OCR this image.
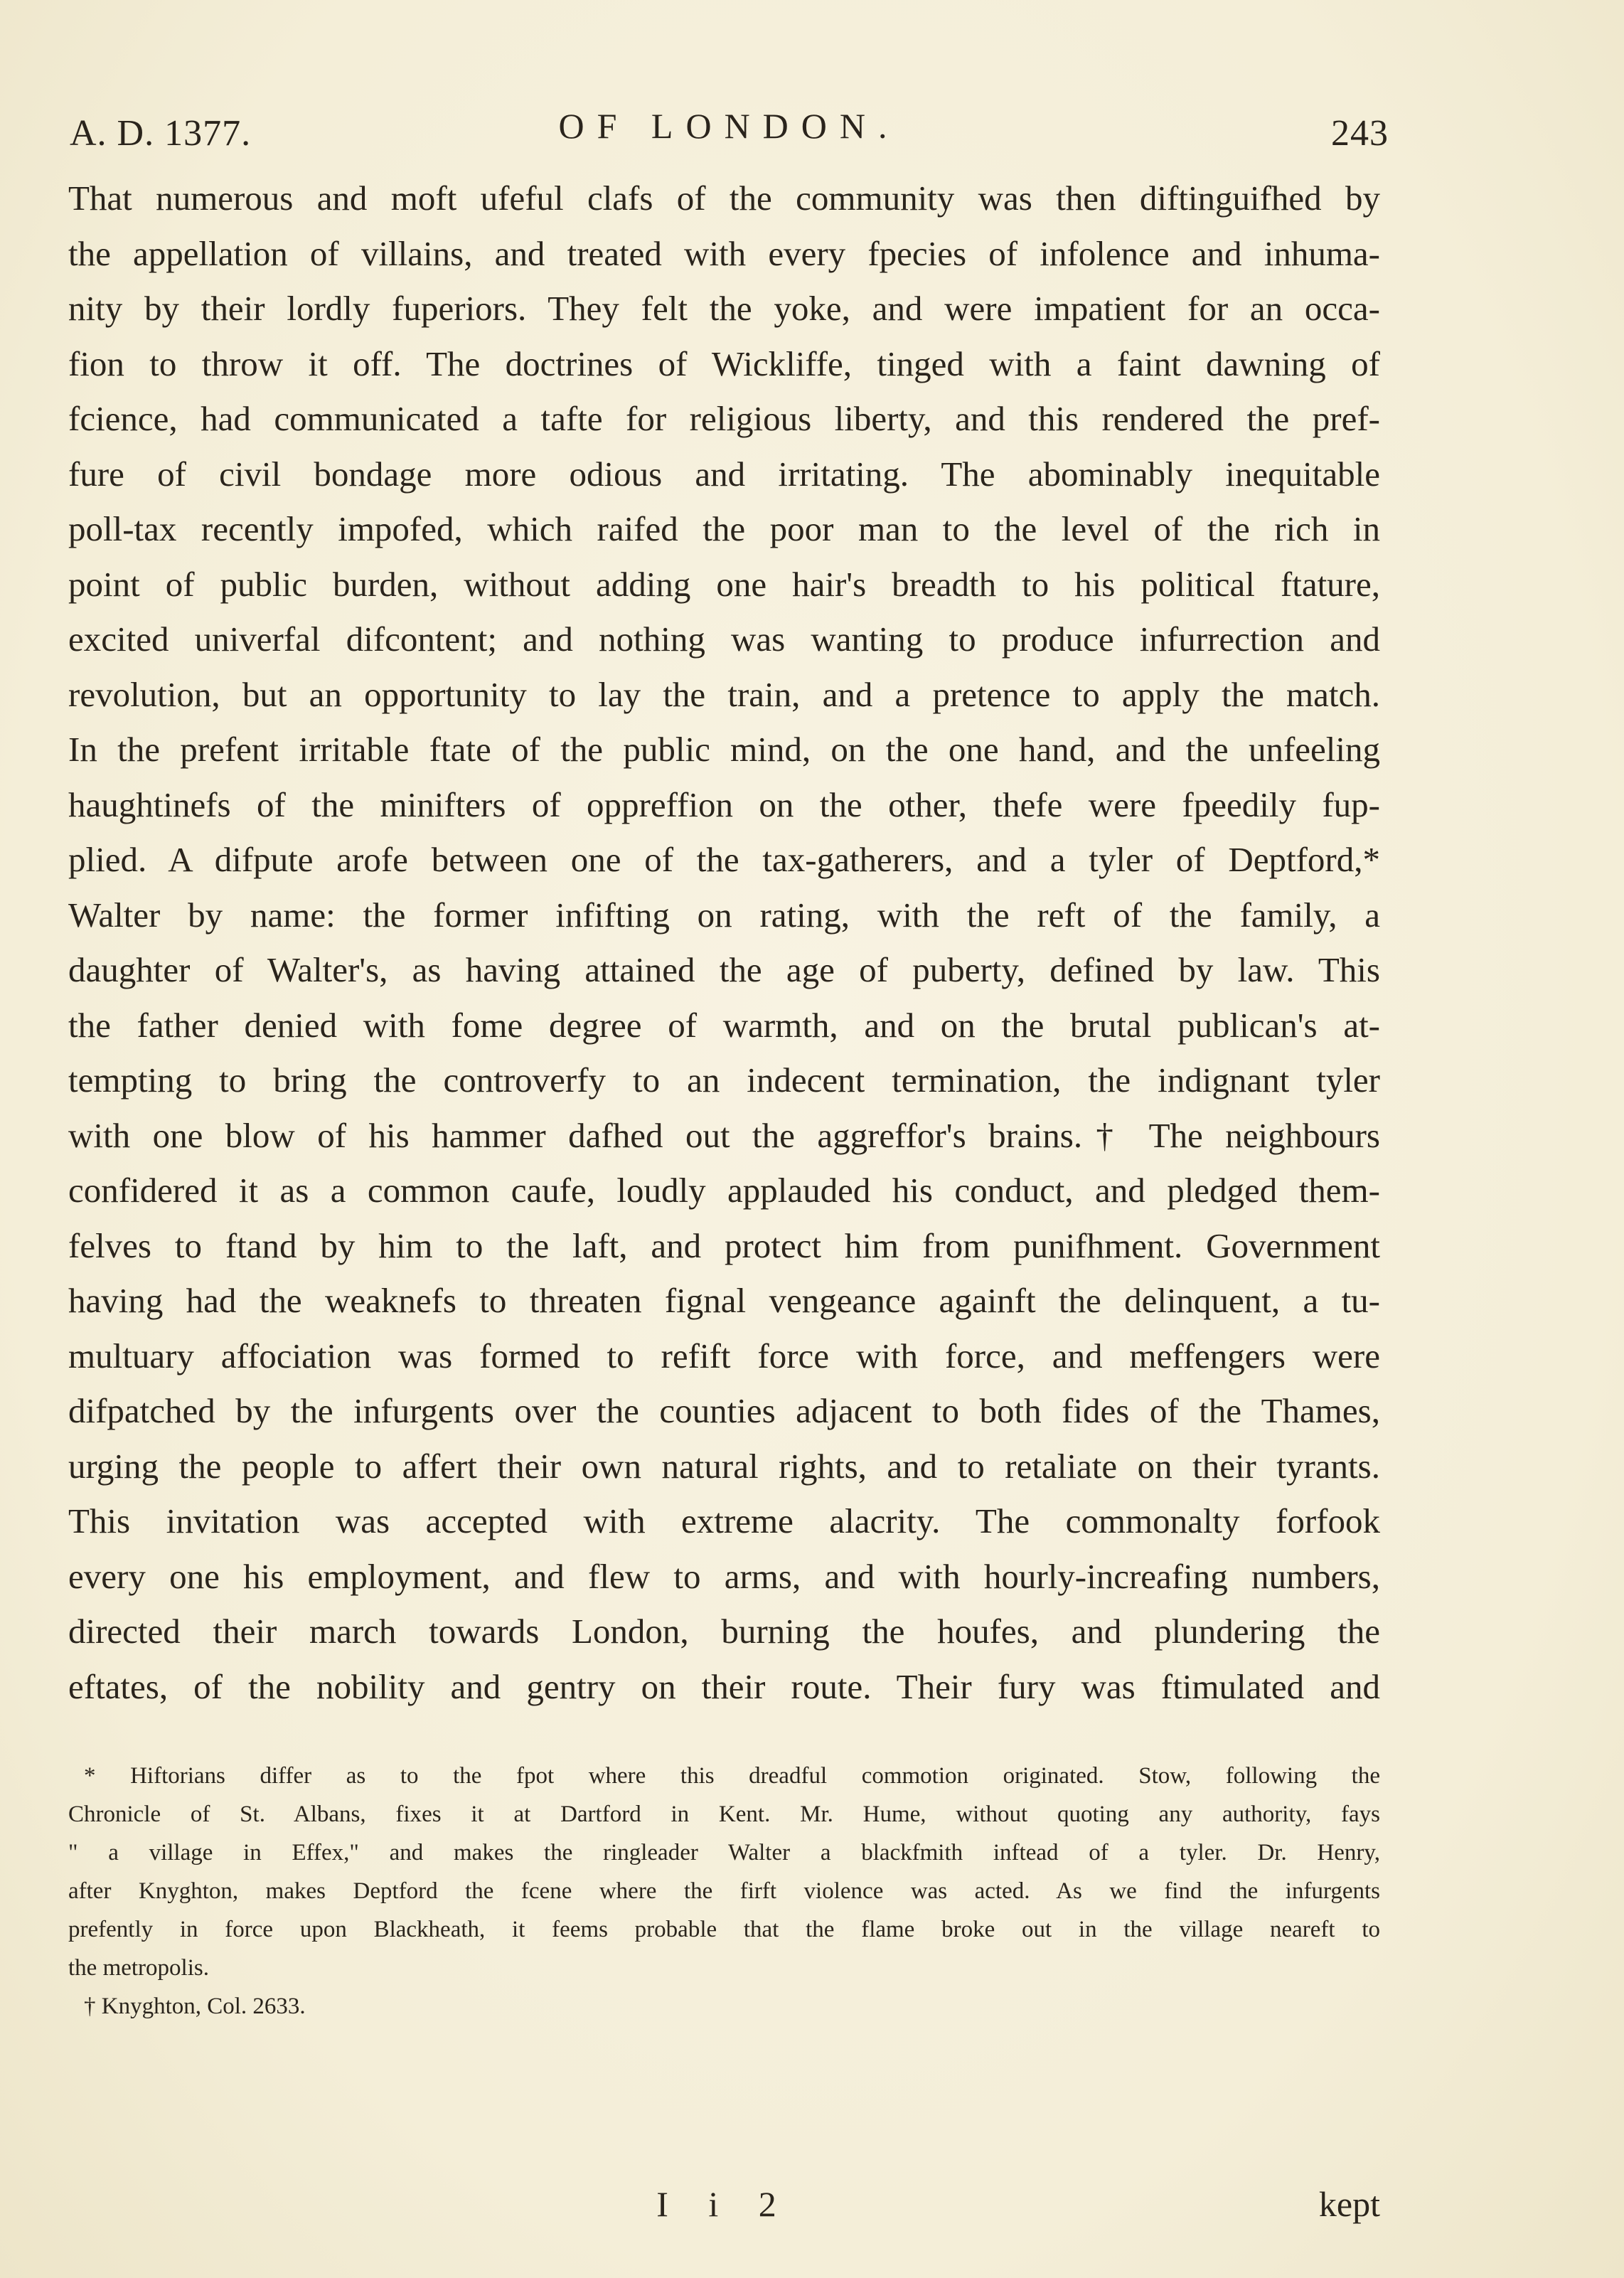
A. D. 1377.	OF LONDON.	243
That numerous and moft ufeful clafs of the community was then diftinguifhed by
the appellation of villains, and treated with every fpecies of infolence and inhuma-
nity by their lordly fuperiors. They felt the yoke, and were impatient for an occa-
fion to throw it off. The doctrines of Wickliffe, tinged with a faint dawning of
fcience, had communicated a tafte for religious liberty, and this rendered the pref-
fure of civil bondage more odious and irritating. The abominably inequitable
poll-tax recently impofed, which raifed the poor man to the level of the rich in
point of public burden, without adding one hair's breadth to his political ftature,
excited univerfal difcontent; and nothing was wanting to produce infurrection and
revolution, but an opportunity to lay the train, and a pretence to apply the match.
In the prefent irritable ftate of the public mind, on the one hand, and the unfeeling
haughtinefs of the minifters of oppreffion on the other, thefe were fpeedily fup-
plied. A difpute arofe between one of the tax-gatherers, and a tyler of Deptford,*
Walter by name: the former infifting on rating, with the reft of the family, a
daughter of Walter's, as having attained the age of puberty, defined by law. This
the father denied with fome degree of warmth, and on the brutal publican's at-
tempting to bring the controverfy to an indecent termination, the indignant tyler
with one blow of his hammer dafhed out the aggreffor's brains.† The neighbours
confidered it as a common caufe, loudly applauded his conduct, and pledged them-
felves to ftand by him to the laft, and protect him from punifhment. Government
having had the weaknefs to threaten fignal vengeance againft the delinquent, a tu-
multuary affociation was formed to refift force with force, and meffengers were
difpatched by the infurgents over the counties adjacent to both fides of the Thames,
urging the people to affert their own natural rights, and to retaliate on their tyrants.
This invitation was accepted with extreme alacrity. The commonalty forfook
every one his employment, and flew to arms, and with hourly-increafing numbers,
directed their march towards London, burning the houfes, and plundering the
eftates, of the nobility and gentry on their route. Their fury was ftimulated and
* Hiftorians differ as to the fpot where this dreadful commotion originated. Stow, following the
Chronicle of St. Albans, fixes it at Dartford in Kent. Mr. Hume, without quoting any authority, fays
" a village in Effex," and makes the ringleader Walter a blackfmith inftead of a tyler. Dr. Henry,
after Knyghton, makes Deptford the fcene where the firft violence was acted. As we find the infurgents
prefently in force upon Blackheath, it feems probable that the flame broke out in the village neareft to
the metropolis.
† Knyghton, Col. 2633.
I i 2	kept
